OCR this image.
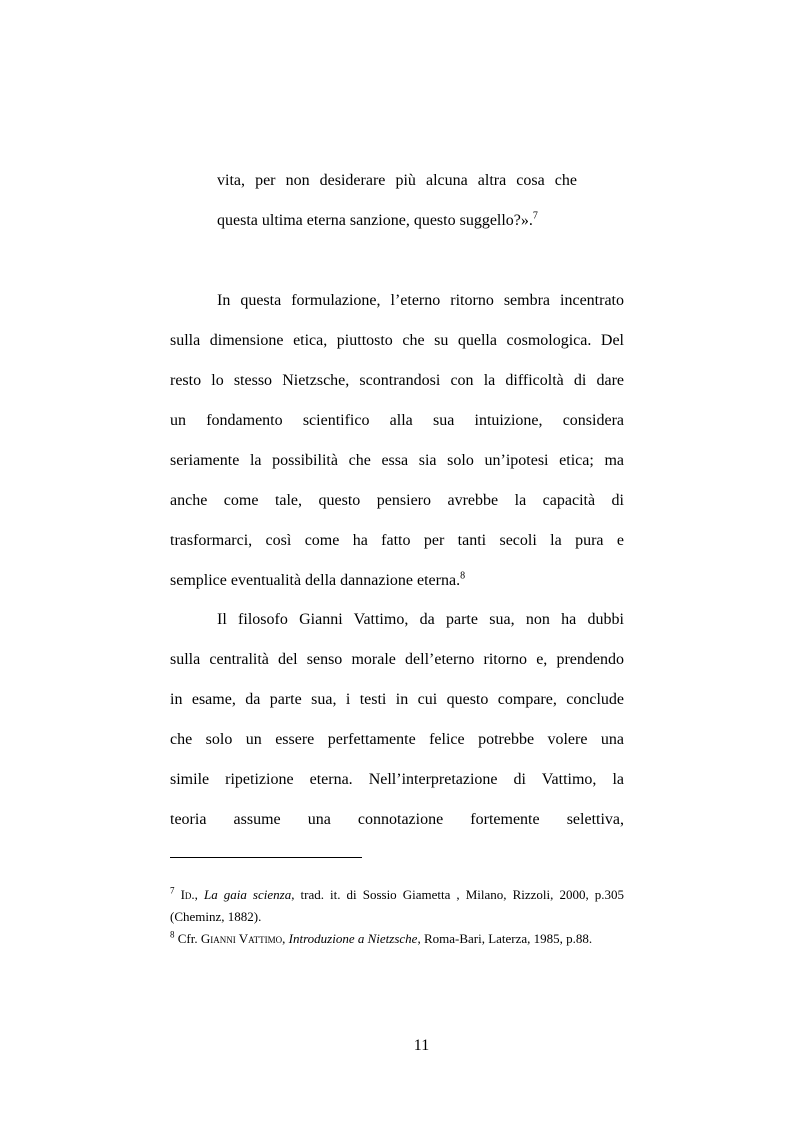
vita, per non desiderare più alcuna altra cosa che
questa ultima eterna sanzione, questo suggello?».$^7$
In questa formulazione, l’eterno ritorno sembra incentrato
sulla dimensione etica, piuttosto che su quella cosmologica. Del
resto lo stesso Nietzsche, scontrandosi con la difficoltà di dare
un fondamento scientifico alla sua intuizione, considera
seriamente la possibilità che essa sia solo un’ipotesi etica; ma
anche come tale, questo pensiero avrebbe la capacità di
trasformarci, così come ha fatto per tanti secoli la pura e
semplice eventualità della dannazione eterna.$^8$
Il filosofo Gianni Vattimo, da parte sua, non ha dubbi
sulla centralità del senso morale dell’eterno ritorno e, prendendo
in esame, da parte sua, i testi in cui questo compare, conclude
che solo un essere perfettamente felice potrebbe volere una
simile ripetizione eterna. Nell’interpretazione di Vattimo, la
teoria assume una connotazione fortemente selettiva,
$^7$ Id., La gaia scienza, trad. it. di Sossio Giametta , Milano, Rizzoli, 2000, p.305
(Cheminz, 1882).
$^8$ Cfr. Gianni Vattimo, Introduzione a Nietzsche, Roma-Bari, Laterza, 1985, p.88.
11
